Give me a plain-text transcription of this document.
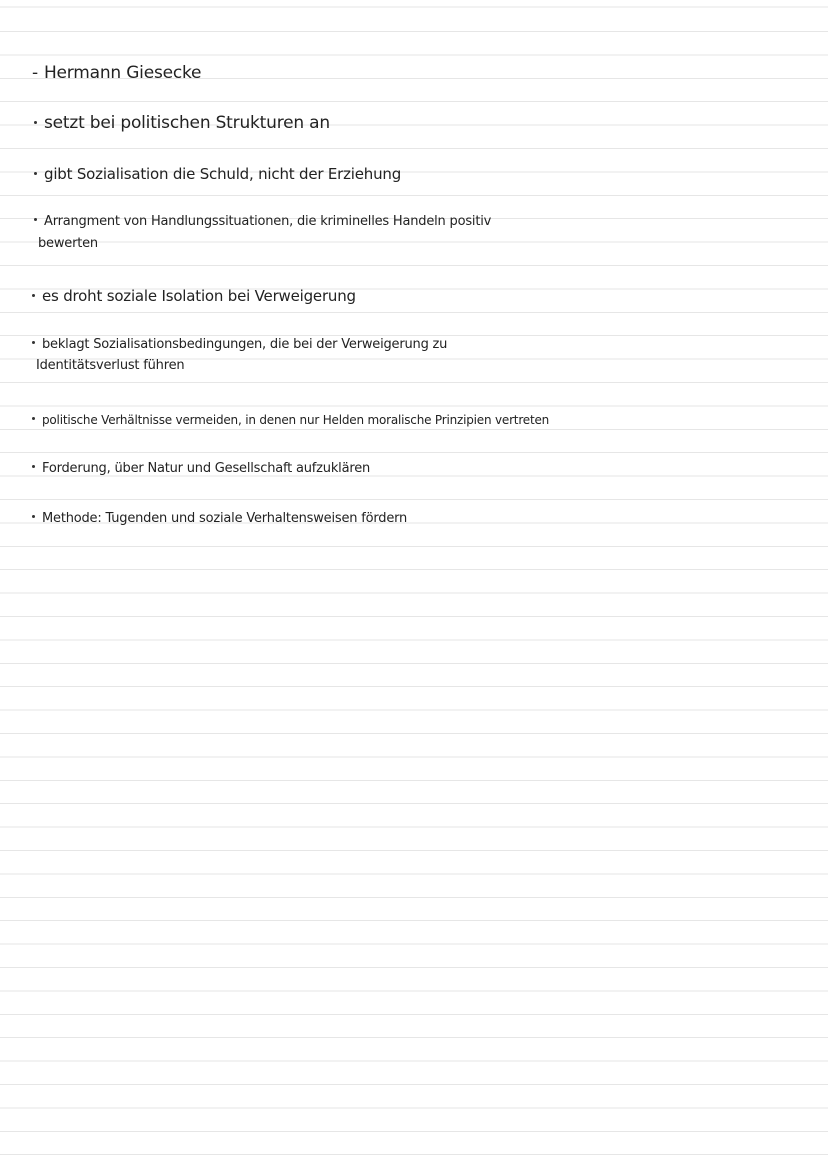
- Hermann Giesecke
setzt bei politischen Strukturen an
gibt Sozialisation die Schuld, nicht der Erziehung
Arrangment von Handlungssituationen, die kriminelles Handeln positiv
bewerten
es droht soziale Isolation bei Verweigerung
beklagt Sozialisationsbedingungen, die bei der Verweigerung zu
Identitätsverlust führen
politische Verhältnisse vermeiden, in denen nur Helden moralische Prinzipien vertreten
Forderung, über Natur und Gesellschaft aufzuklären
Methode: Tugenden und soziale Verhaltensweisen fördern
